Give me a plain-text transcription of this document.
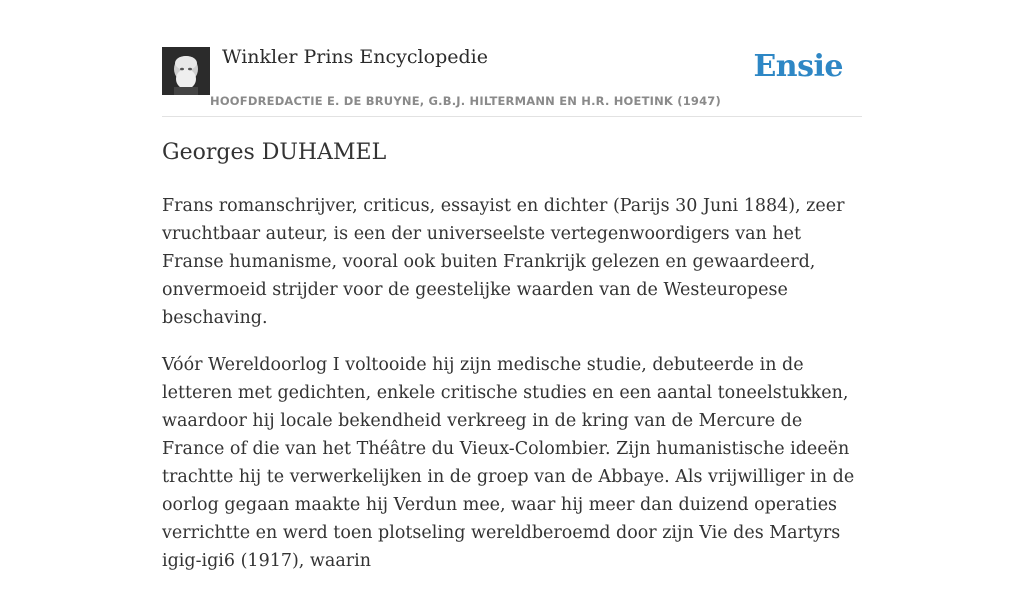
Winkler Prins Encyclopedie
HOOFDREDACTIE E. DE BRUYNE, G.B.J. HILTERMANN EN H.R. HOETINK (1947)
Ensie
Georges DUHAMEL

Frans romanschrijver, criticus, essayist en dichter (Parijs 30 Juni 1884), zeer vruchtbaar auteur, is een der universeelste vertegenwoordigers van het Franse humanisme, vooral ook buiten Frankrijk gelezen en gewaardeerd, onvermoeid strijder voor de geestelijke waarden van de Westeuropese beschaving.

Vóór Wereldoorlog I voltooide hij zijn medische studie, debuteerde in de letteren met gedichten, enkele critische studies en een aantal toneelstukken, waardoor hij locale bekendheid verkreeg in de kring van de Mercure de France of die van het Théâtre du Vieux-Colombier. Zijn humanistische ideeën trachtte hij te verwerkelijken in de groep van de Abbaye. Als vrijwilliger in de oorlog gegaan maakte hij Verdun mee, waar hij meer dan duizend operaties verrichtte en werd toen plotseling wereldberoemd door zijn Vie des Martyrs igig-igi6 (1917), waarin
